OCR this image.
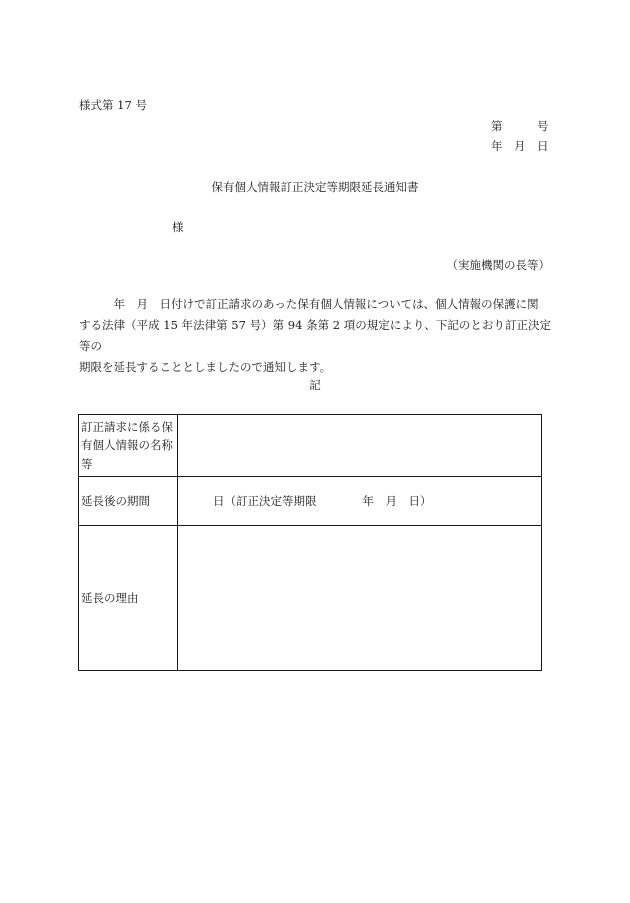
様式第 17 号
第　　　号
年　月　日
保有個人情報訂正決定等期限延長通知書
様
（実施機関の長等）

　　　年　月　日付けで訂正請求のあった保有個人情報については、個人情報の保護に関

する法律（平成 15 年法律第 57 号）第 94 条第 2 項の規定により、下記のとおり訂正決定等の

期限を延長することとしましたので通知します。

記
訂正請求に係る保有個人情報の名称等	
延長後の期間	日（訂正決定等期限 年　月　日）
延長の理由	
